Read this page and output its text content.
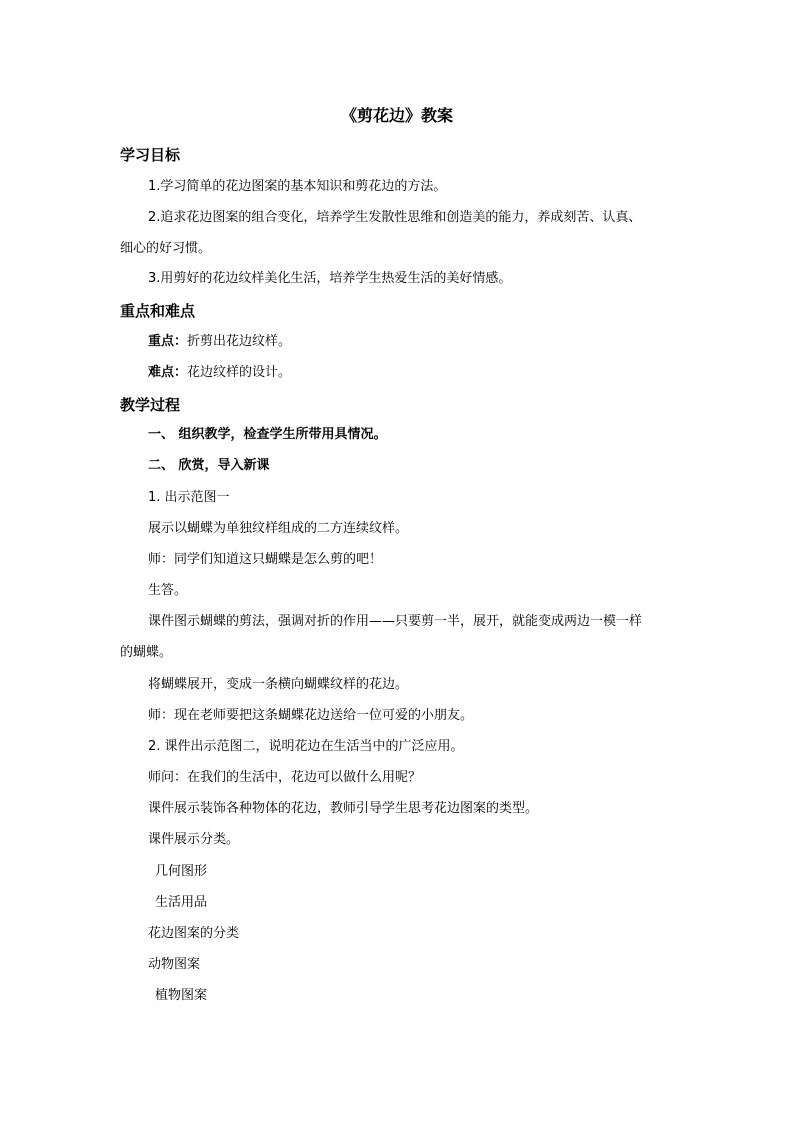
《剪花边》教案
学习目标
1.学习简单的花边图案的基本知识和剪花边的方法。
2.追求花边图案的组合变化，培养学生发散性思维和创造美的能力，养成刻苦、认真、
细心的好习惯。
3.用剪好的花边纹样美化生活，培养学生热爱生活的美好情感。
重点和难点
重点：折剪出花边纹样。
难点：花边纹样的设计。
教学过程
一、 组织教学，检查学生所带用具情况。
二、 欣赏，导入新课
1. 出示范图一
展示以蝴蝶为单独纹样组成的二方连续纹样。
师：同学们知道这只蝴蝶是怎么剪的吧！
生答。
课件图示蝴蝶的剪法，强调对折的作用——只要剪一半，展开，就能变成两边一模一样
的蝴蝶。
将蝴蝶展开，变成一条横向蝴蝶纹样的花边。
师：现在老师要把这条蝴蝶花边送给一位可爱的小朋友。
2. 课件出示范图二，说明花边在生活当中的广泛应用。
师问：在我们的生活中，花边可以做什么用呢？
课件展示装饰各种物体的花边，教师引导学生思考花边图案的类型。
课件展示分类。
几何图形
生活用品
花边图案的分类
动物图案
植物图案
